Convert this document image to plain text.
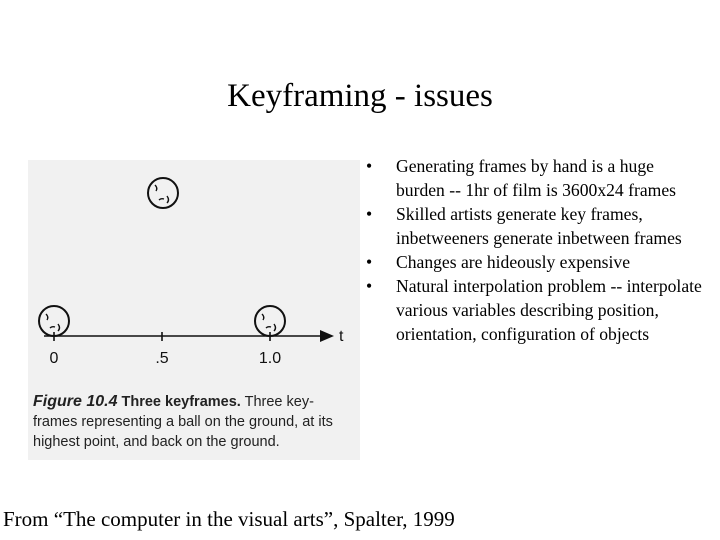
Keyframing - issues
t
0	.5	1.0
Figure 10.4 Three keyframes. Three key-frames representing a ball on the ground, at its highest point, and back on the ground.
• Generating frames by hand is a huge burden -- 1hr of film is 3600x24 frames
• Skilled artists generate key frames, inbetweeners generate inbetween frames
• Changes are hideously expensive
• Natural interpolation problem -- interpolate various variables describing position, orientation, configuration of objects
From “The computer in the visual arts”, Spalter, 1999
